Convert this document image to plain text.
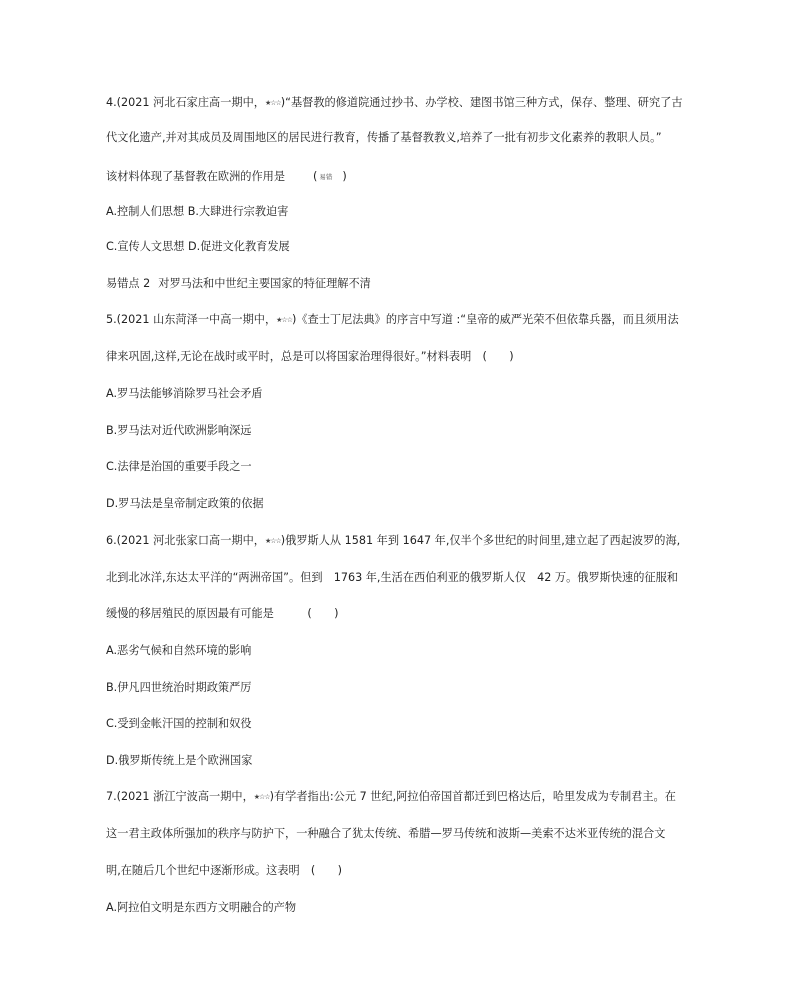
4.(2021 河北石家庄高一期中，★☆☆)“基督教的修道院通过抄书、办学校、建图书馆三种方式，保存、整理、研究了古
代文化遗产,并对其成员及周围地区的居民进行教育，传播了基督教教义,培养了一批有初步文化素养的教职人员。”
该材料体现了基督教在欧洲的作用是	( 易错 )
A.控制人们思想 B.大肆进行宗教迫害
C.宣传人文思想 D.促进文化教育发展
易错点 2 对罗马法和中世纪主要国家的特征理解不清
5.(2021 山东菏泽一中高一期中，★☆☆)《查士丁尼法典》的序言中写道 :“皇帝的威严光荣不但依靠兵器，而且须用法
律来巩固,这样,无论在战时或平时，总是可以将国家治理得很好。”材料表明　(　　)
A.罗马法能够消除罗马社会矛盾
B.罗马法对近代欧洲影响深远
C.法律是治国的重要手段之一
D.罗马法是皇帝制定政策的依据
6.(2021 河北张家口高一期中，★☆☆)俄罗斯人从 1581 年到 1647 年,仅半个多世纪的时间里,建立起了西起波罗的海,
北到北冰洋,东达太平洋的“两洲帝国”。但到　1763 年,生活在西伯利亚的俄罗斯人仅　42 万。俄罗斯快速的征服和
缓慢的移居殖民的原因最有可能是　　　(　　)
A.恶劣气候和自然环境的影响
B.伊凡四世统治时期政策严厉
C.受到金帐汗国的控制和奴役
D.俄罗斯传统上是个欧洲国家
7.(2021 浙江宁波高一期中，★☆☆)有学者指出:公元 7 世纪,阿拉伯帝国首都迁到巴格达后，哈里发成为专制君主。在
这一君主政体所强加的秩序与防护下，一种融合了犹太传统、希腊—罗马传统和波斯—美索不达米亚传统的混合文
明,在随后几个世纪中逐渐形成。这表明　(　　)
A.阿拉伯文明是东西方文明融合的产物
